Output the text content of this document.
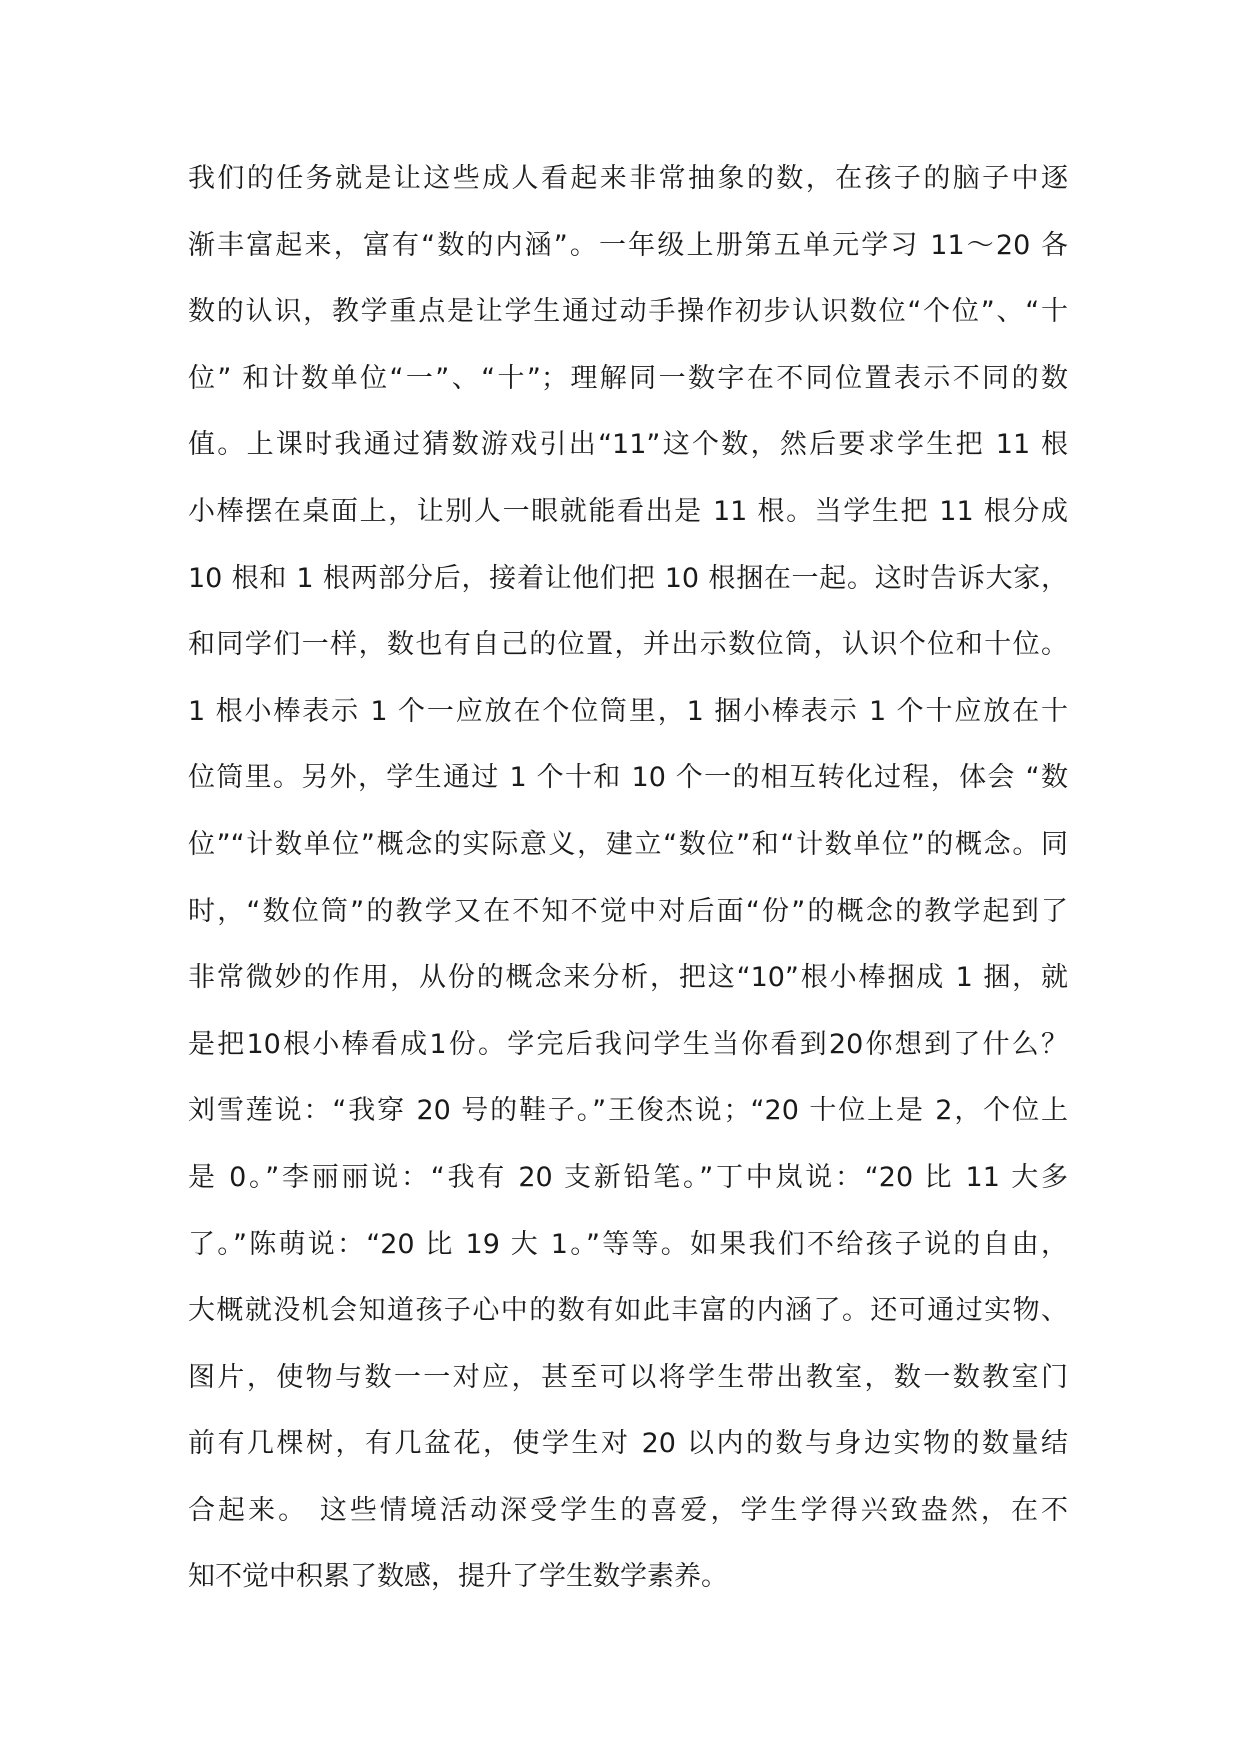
我们的任务就是让这些成人看起来非常抽象的数，在孩子的脑子中逐
渐丰富起来，富有“数的内涵”。一年级上册第五单元学习 11～20 各
数的认识，教学重点是让学生通过动手操作初步认识数位“个位”、“十
位” 和计数单位“一”、“十”；理解同一数字在不同位置表示不同的数
值。上课时我通过猜数游戏引出“11”这个数，然后要求学生把 11 根
小棒摆在桌面上，让别人一眼就能看出是 11 根。当学生把 11 根分成
10 根和 1 根两部分后，接着让他们把 10 根捆在一起。这时告诉大家，
和同学们一样，数也有自己的位置，并出示数位筒，认识个位和十位。
1 根小棒表示 1 个一应放在个位筒里，1 捆小棒表示 1 个十应放在十
位筒里。另外，学生通过 1 个十和 10 个一的相互转化过程，体会 “数
位”“计数单位”概念的实际意义，建立“数位”和“计数单位”的概念。同
时，“数位筒”的教学又在不知不觉中对后面“份”的概念的教学起到了
非常微妙的作用，从份的概念来分析，把这“10”根小棒捆成 1 捆，就
是把10根小棒看成1份。学完后我问学生当你看到20你想到了什么？
刘雪莲说：“我穿 20 号的鞋子。”王俊杰说；“20 十位上是 2，个位上
是 0。”李丽丽说：“我有 20 支新铅笔。”丁中岚说：“20 比 11 大多
了。”陈萌说：“20 比 19 大 1。”等等。如果我们不给孩子说的自由，
大概就没机会知道孩子心中的数有如此丰富的内涵了。还可通过实物、
图片，使物与数一一对应，甚至可以将学生带出教室，数一数教室门
前有几棵树，有几盆花，使学生对 20 以内的数与身边实物的数量结
合起来。 这些情境活动深受学生的喜爱，学生学得兴致盎然，在不
知不觉中积累了数感，提升了学生数学素养。
